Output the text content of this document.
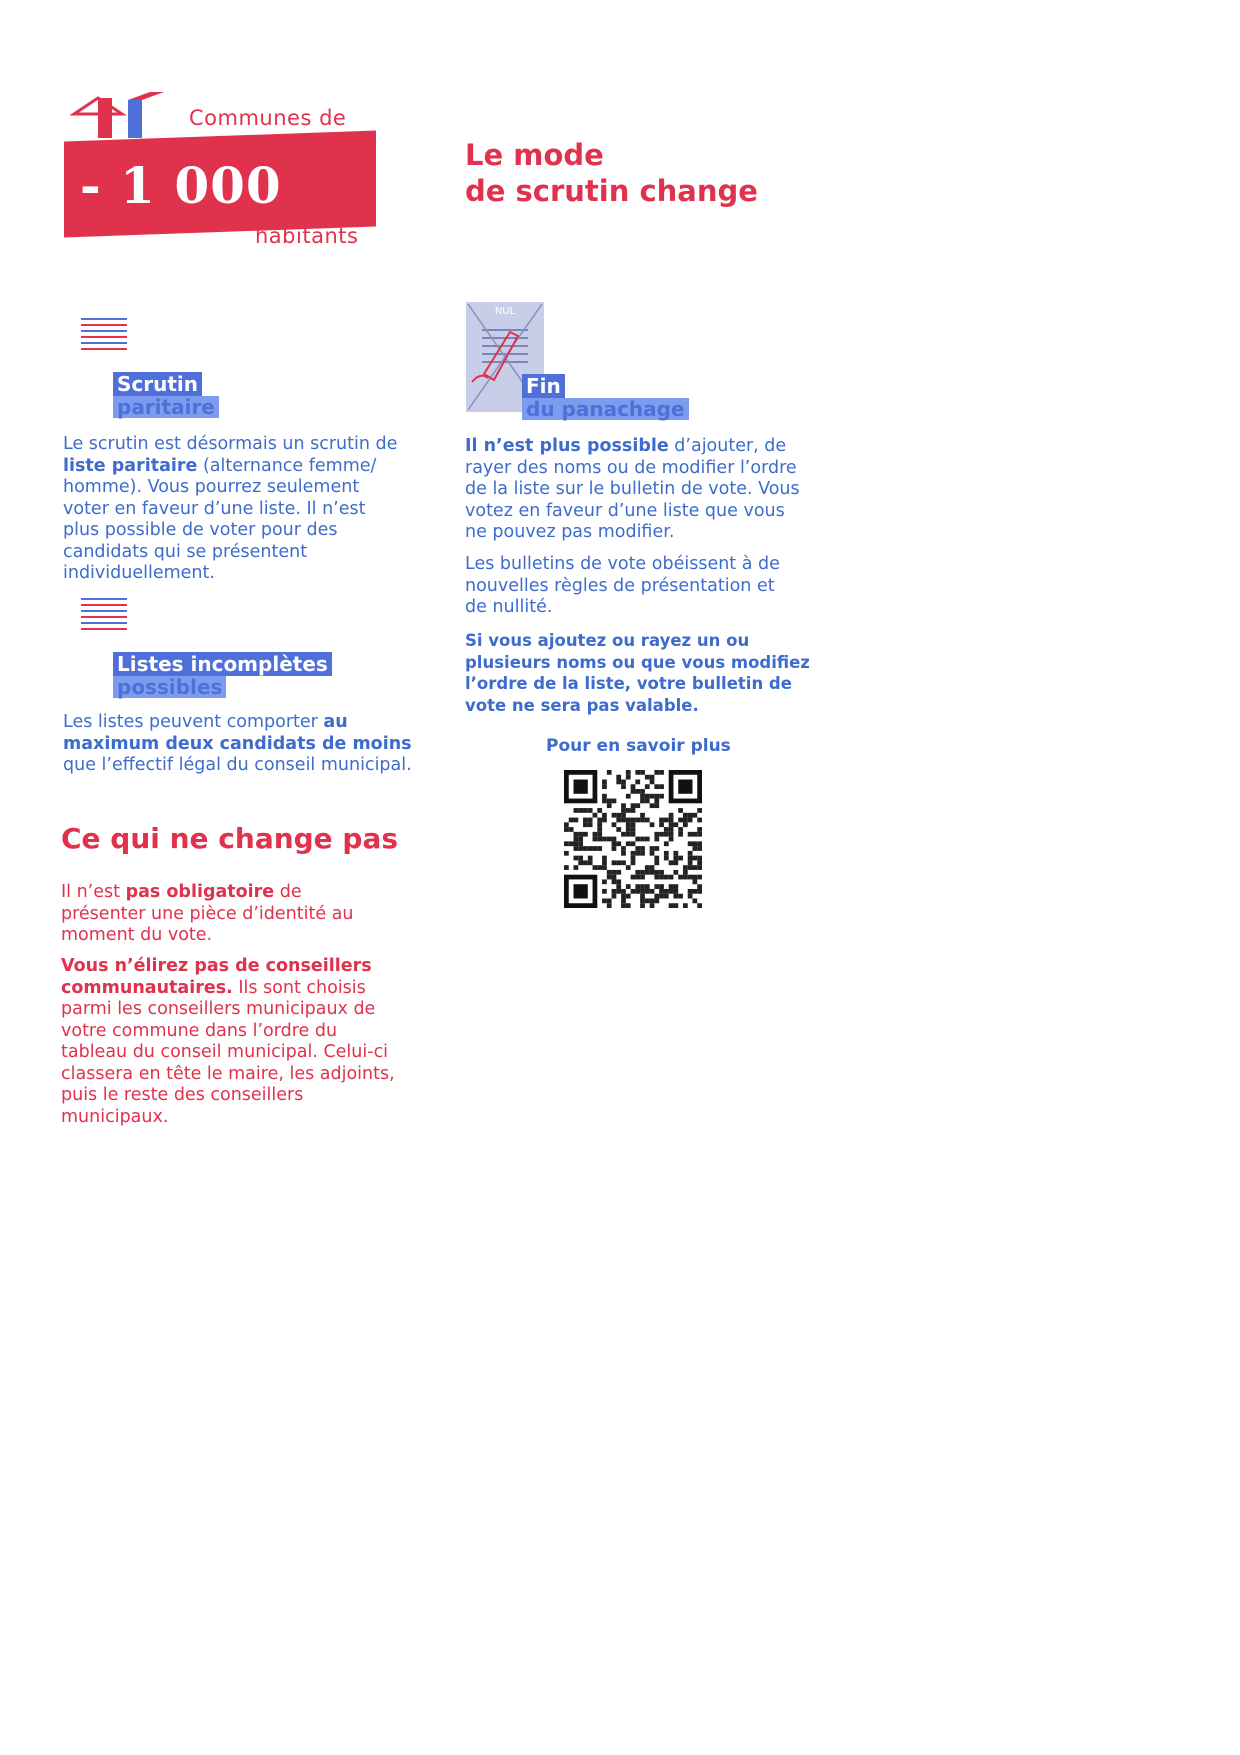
Communes de
- 1 000
habitants
Le mode
de scrutin change
Scrutin
paritaire

Le scrutin est désormais un scrutin de liste paritaire (alternance femme/ homme). Vous pourrez seulement voter en faveur d’une liste. Il n’est plus possible de voter pour des candidats qui se présentent individuellement.

Listes incomplètes
possibles

Les listes peuvent comporter au maximum deux candidats de moins que l’effectif légal du conseil municipal.

Ce qui ne change pas

Il n’est pas obligatoire de présenter une pièce d’identité au moment du vote.

Vous n’élirez pas de conseillers communautaires. Ils sont choisis parmi les conseillers municipaux de votre commune dans l’ordre du tableau du conseil municipal. Celui-ci classera en tête le maire, les adjoints, puis le reste des conseillers municipaux.

NUL
Fin
du panachage

Il n’est plus possible d’ajouter, de rayer des noms ou de modifier l’ordre de la liste sur le bulletin de vote. Vous votez en faveur d’une liste que vous ne pouvez pas modifier.

Les bulletins de vote obéissent à de nouvelles règles de présentation et de nullité.

Si vous ajoutez ou rayez un ou plusieurs noms ou que vous modifiez l’ordre de la liste, votre bulletin de vote ne sera pas valable.

Pour en savoir plus
